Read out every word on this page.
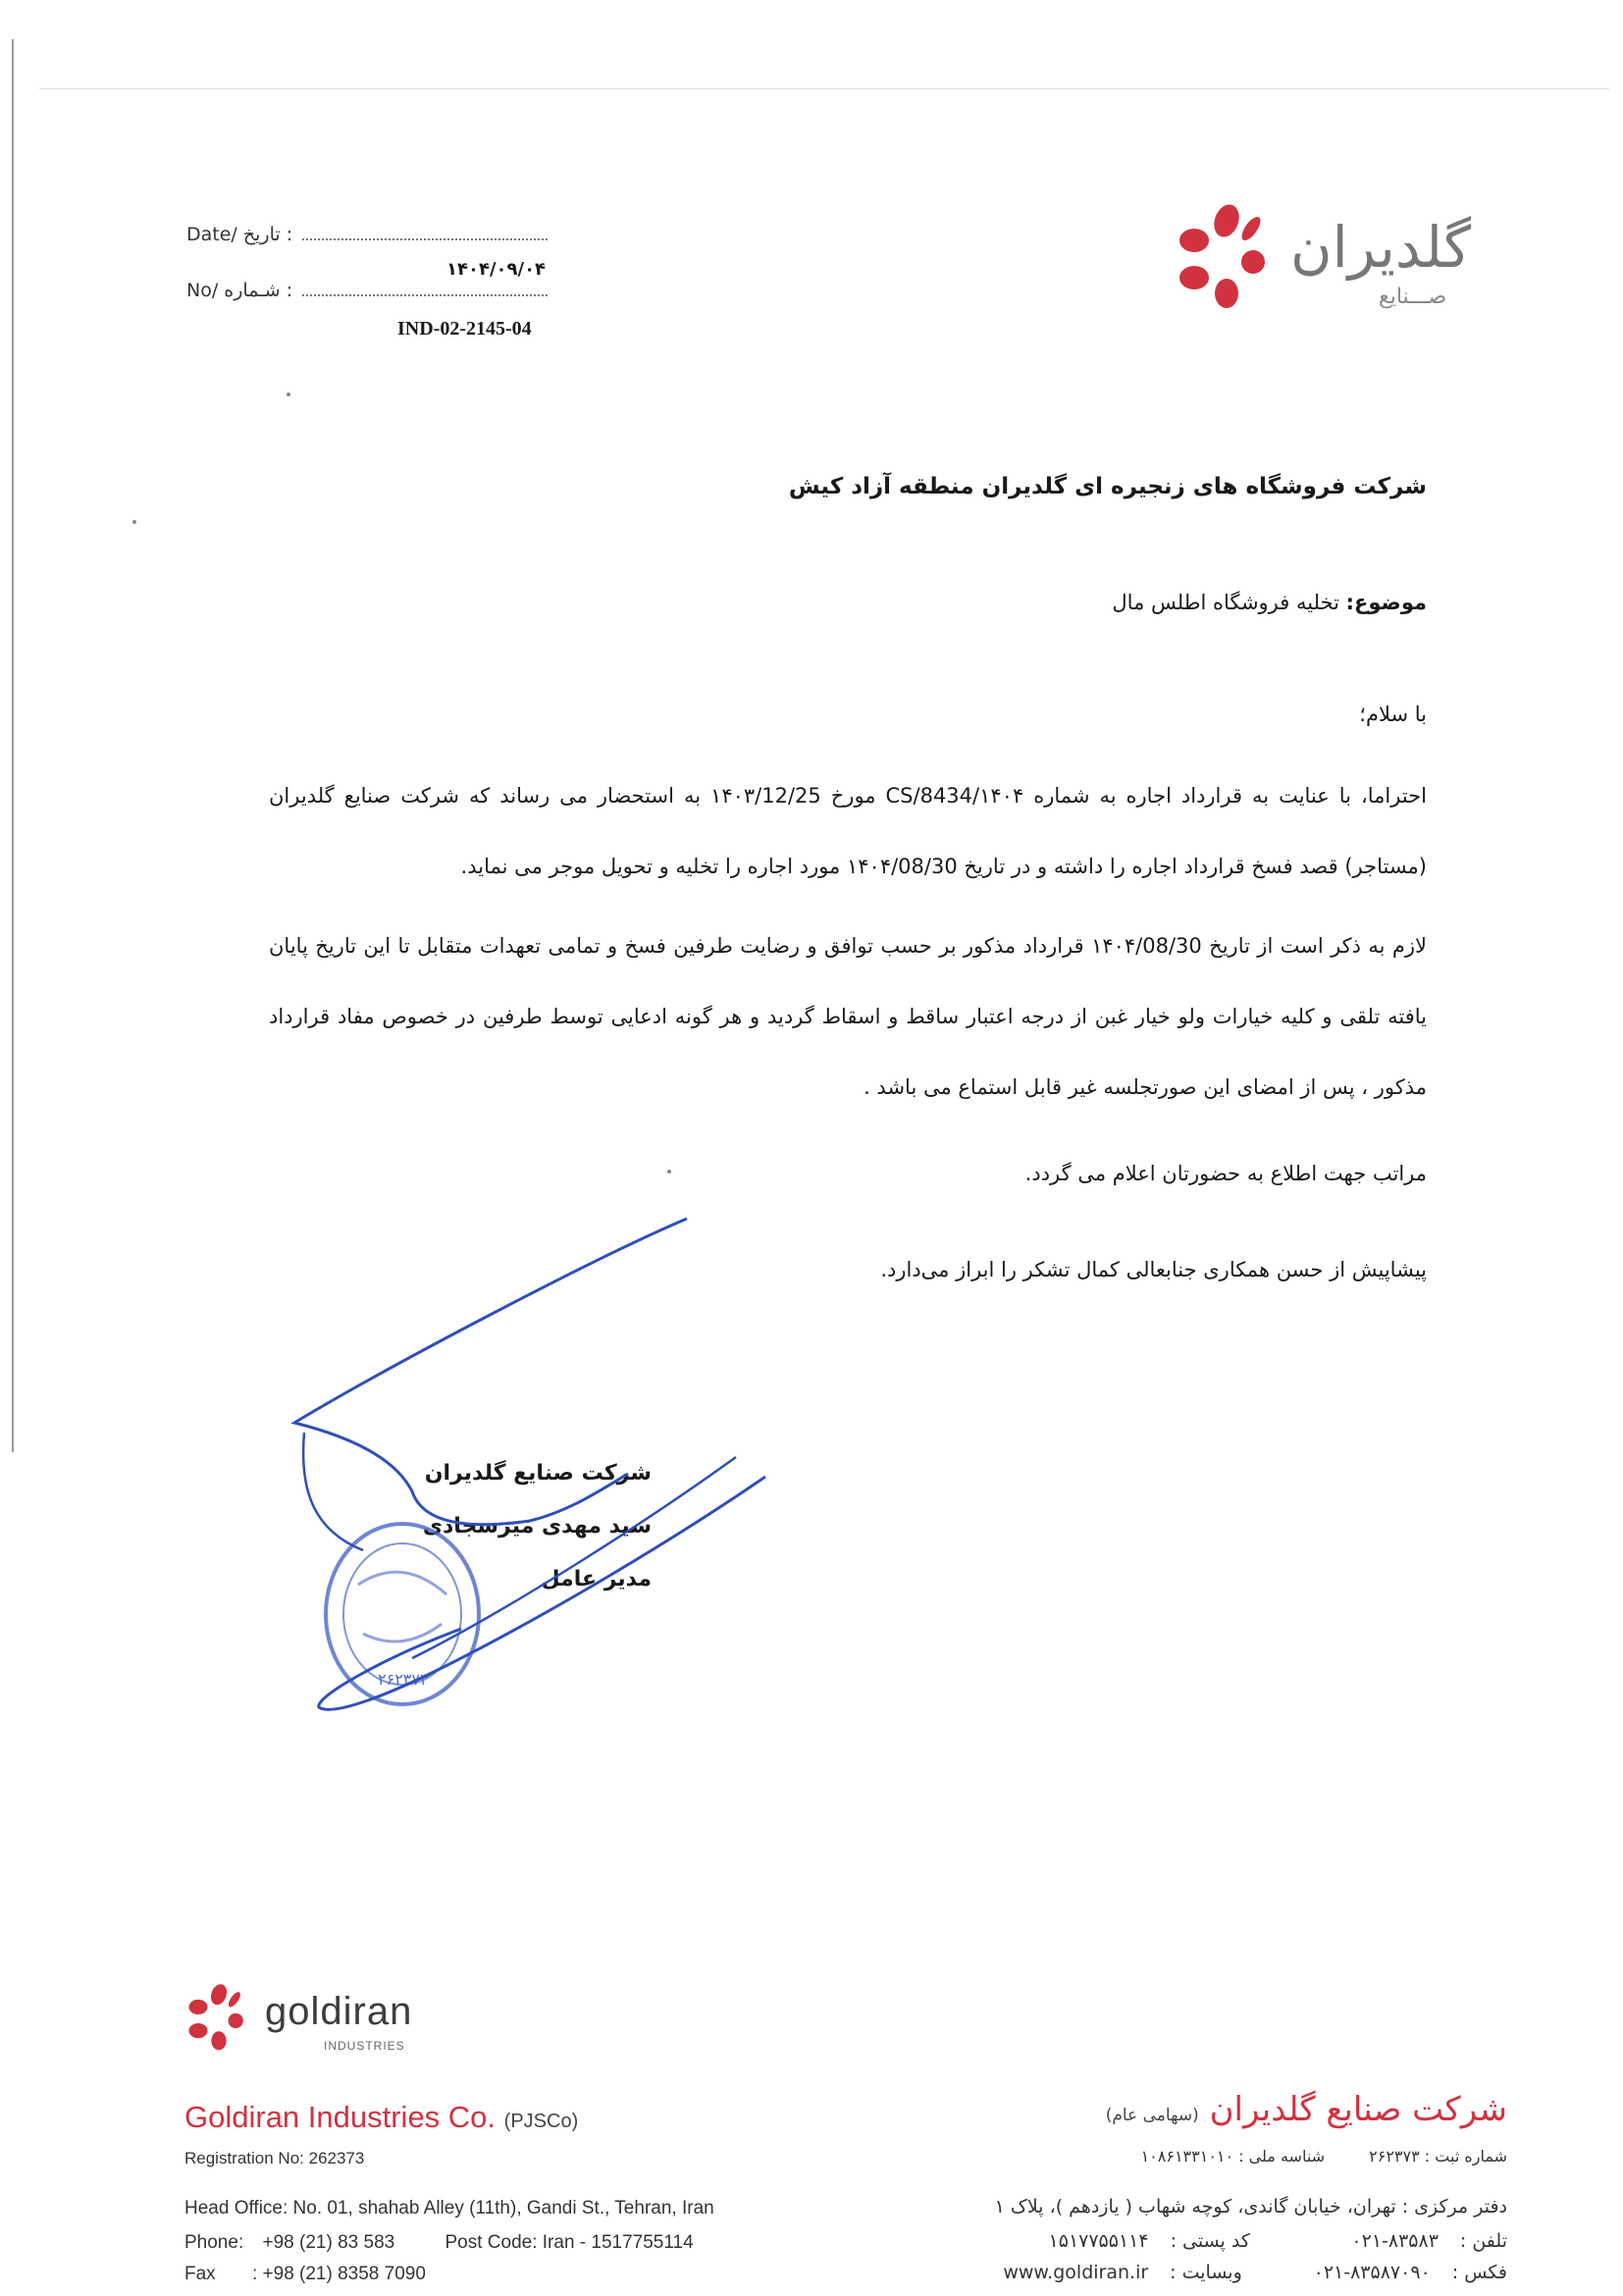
Date/ تاریخ :
۱۴۰۴/۰۹/۰۴
No/ شـماره :
IND-02-2145-04
گلدیران
صـــنایع
شرکت فروشگاه های زنجیره ای گلدیران منطقه آزاد کیش
موضوع: تخلیه فروشگاه اطلس مال
با سلام؛
احتراما، با عنایت به قرارداد اجاره به شماره ۱۴۰۴/CS/8434 مورخ ۱۴۰۳/12/25 به استحضار می رساند که شرکت صنایع گلدیران (مستاجر) قصد فسخ قرارداد اجاره را داشته و در تاریخ ۱۴۰۴/08/30 مورد اجاره را تخلیه و تحویل موجر می نماید.
لازم به ذکر است از تاریخ ۱۴۰۴/08/30 قرارداد مذکور بر حسب توافق و رضایت طرفین فسخ و تمامی تعهدات متقابل تا این تاریخ پایان یافته تلقی و کلیه خیارات ولو خیار غبن از درجه اعتبار ساقط و اسقاط گردید و هر گونه ادعایی توسط طرفین در خصوص مفاد قرارداد مذکور ، پس از امضای این صورتجلسه غیر قابل استماع می باشد .
مراتب جهت اطلاع به حضورتان اعلام می گردد.
پیشاپیش از حسن همکاری جنابعالی کمال تشکر را ابراز می‌دارد.
شرکت صنایع گلدیران
سید مهدی میرسجادی
مدیر عامل
۲۶۲۳۷۳
goldiran
INDUSTRIES
Goldiran Industries Co. (PJSCo)	شرکت صنایع گلدیران (سهامی عام)
Registration No: 262373
Head Office: No. 01, shahab Alley (11th), Gandi St., Tehran, Iran
Phone: +98 (21) 83 583	Post Code: Iran - 1517755114
Fax : +98 (21) 8358 7090
شماره ثبت : ۲۶۲۳۷۳ شناسه ملی : ۱۰۸۶۱۳۳۱۰۱۰
دفتر مرکزی : تهران، خیابان گاندی، کوچه شهاب ( یازدهم )، پلاک ۱
تلفن :
۰۲۱-۸۳۵۸۳
کد پستی :
۱۵۱۷۷۵۵۱۱۴
فکس :
۰۲۱-۸۳۵۸۷۰۹۰
وبسایت :
www.goldiran.ir
